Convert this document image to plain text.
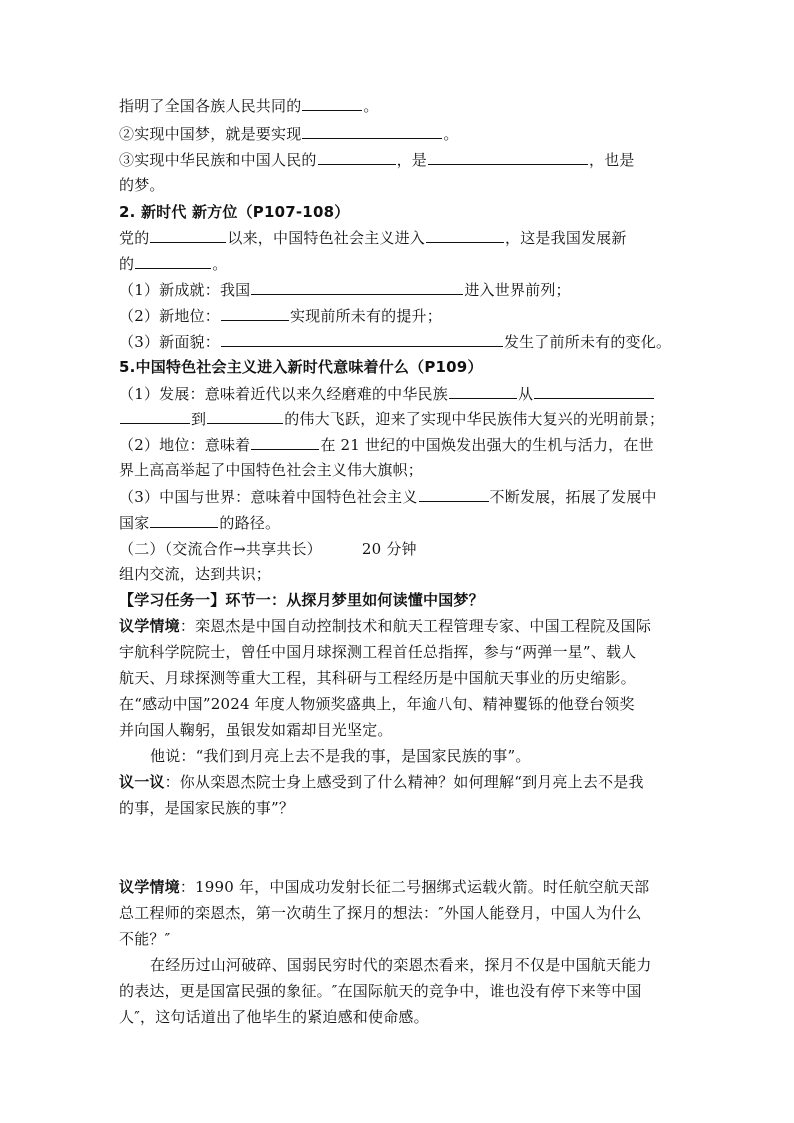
指明了全国各族人民共同的	。
②实现中国梦，就是要实现	。
③实现中华民族和中国人民的	，是	，也是
的梦。
2. 新时代 新方位（P107-108）
党的	以来，中国特色社会主义进入	，这是我国发展新
的	。
（1）新成就：我国	进入世界前列；
（2）新地位：	实现前所未有的提升；
（3）新面貌：	发生了前所未有的变化。
5.中国特色社会主义进入新时代意味着什么（P109）
（1）发展：意味着近代以来久经磨难的中华民族	从
到	的伟大飞跃，迎来了实现中华民族伟大复兴的光明前景；
（2）地位：意味着	在 21 世纪的中国焕发出强大的生机与活力，在世
界上高高举起了中国特色社会主义伟大旗帜；
（3）中国与世界：意味着中国特色社会主义	不断发展，拓展了发展中
国家	的路径。
（二）（交流合作→共享共长）	20 分钟
组内交流，达到共识；
【学习任务一】环节一：从探月梦里如何读懂中国梦？
议学情境：栾恩杰是中国自动控制技术和航天工程管理专家、中国工程院及国际
宇航科学院院士，曾任中国月球探测工程首任总指挥，参与“两弹一星”、载人
航天、月球探测等重大工程，其科研与工程经历是中国航天事业的历史缩影。
在“感动中国”2024 年度人物颁奖盛典上，年逾八旬、精神矍铄的他登台领奖
并向国人鞠躬，虽银发如霜却目光坚定。
他说：“我们到月亮上去不是我的事，是国家民族的事”。
议一议：你从栾恩杰院士身上感受到了什么精神？如何理解“到月亮上去不是我
的事，是国家民族的事”？
议学情境：1990 年，中国成功发射长征二号捆绑式运载火箭。时任航空航天部
总工程师的栾恩杰，第一次萌生了探月的想法：″外国人能登月，中国人为什么
不能？″
在经历过山河破碎、国弱民穷时代的栾恩杰看来，探月不仅是中国航天能力
的表达，更是国富民强的象征。″在国际航天的竞争中，谁也没有停下来等中国
人″，这句话道出了他毕生的紧迫感和使命感。
